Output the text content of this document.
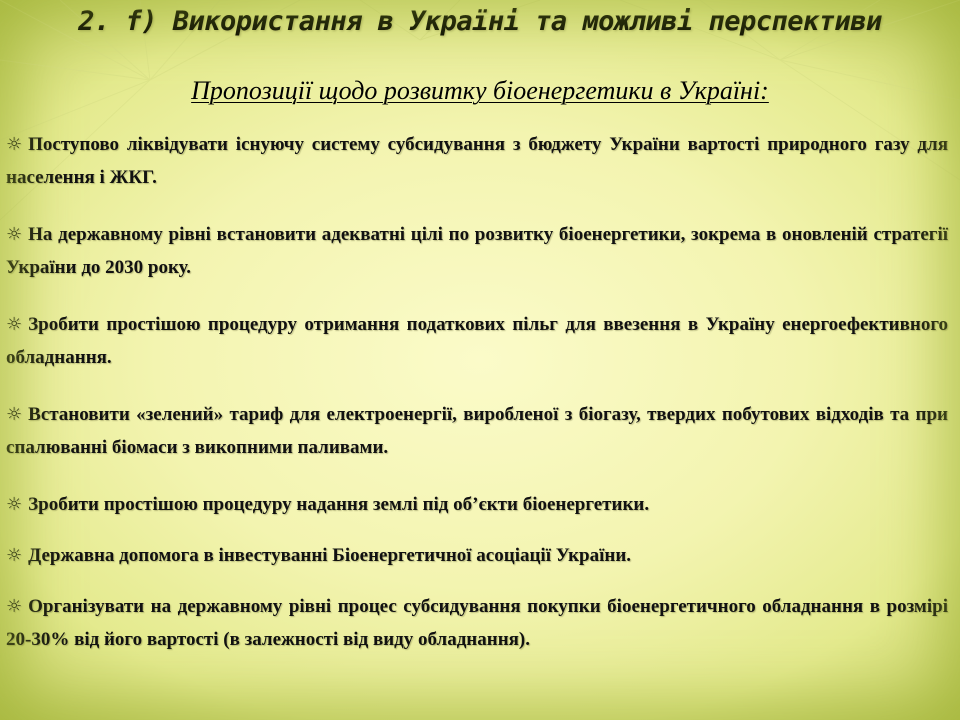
2. f) Використання в Україні та можливі перспективи
Пропозиції щодо розвитку біоенергетики в Україні:
☼ Поступово ліквідувати існуючу систему субсидування з бюджету України вартості природного газу для населення і ЖКГ.
☼ На державному рівні встановити адекватні цілі по розвитку біоенергетики, зокрема в оновленій стратегії України до 2030 року.
☼ Зробити простішою процедуру отримання податкових пільг для ввезення в Україну енергоефективного обладнання.
☼ Встановити «зелений» тариф для електроенергії, виробленої з біогазу, твердих побутових відходів та при спалюванні біомаси з викопними паливами.
☼ Зробити простішою процедуру надання землі під об’єкти біоенергетики.
☼ Державна допомога в інвестуванні Біоенергетичної асоціації України.
☼ Організувати на державному рівні процес субсидування покупки біоенергетичного обладнання в розмірі 20-30% від його вартості (в залежності від виду обладнання).
